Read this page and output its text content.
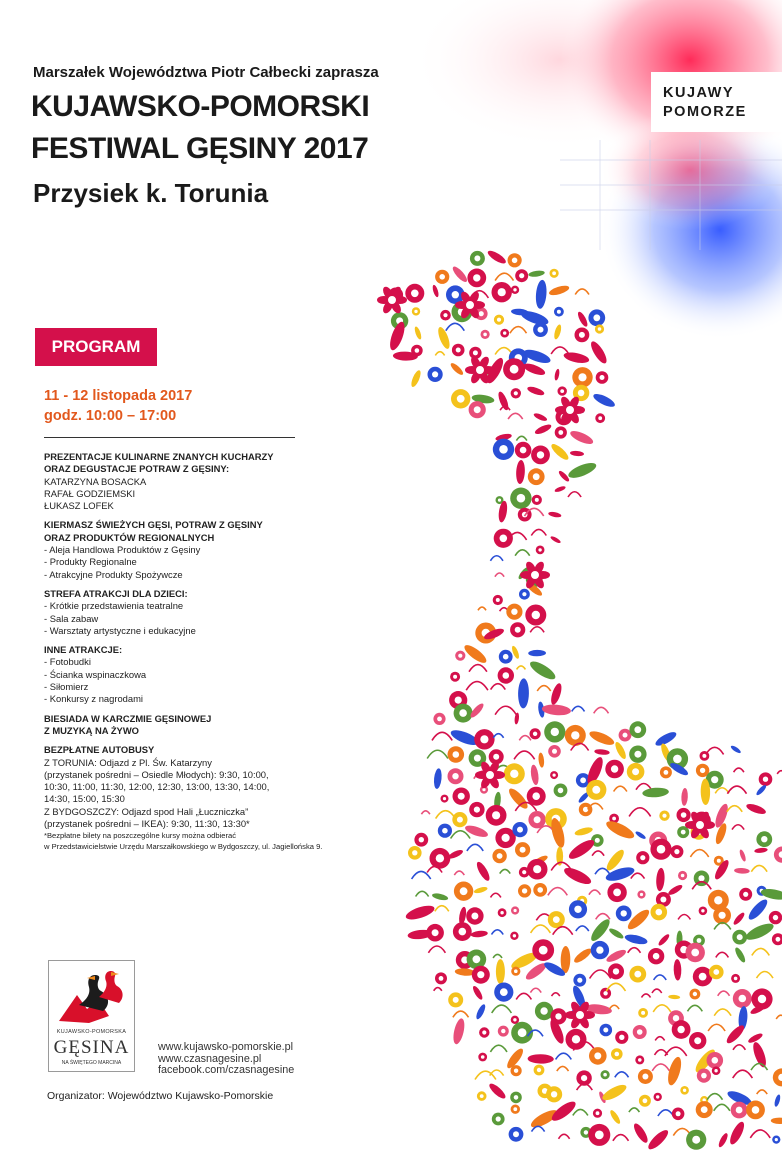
Marszałek Województwa Piotr Całbecki zaprasza
KUJAWSKO-POMORSKI
FESTIWAL GĘSINY 2017
Przysiek k. Torunia
KUJAWY
POMORZE
PROGRAM
11 - 12 listopada 2017
godz. 10:00 – 17:00
PREZENTACJE KULINARNE ZNANYCH KUCHARZY
ORAZ DEGUSTACJE POTRAW Z GĘSINY:
KATARZYNA BOSACKA
RAFAŁ GODZIEMSKI
ŁUKASZ LOFEK
KIERMASZ ŚWIEŻYCH GĘSI, POTRAW Z GĘSINY
ORAZ PRODUKTÓW REGIONALNYCH
- Aleja Handlowa Produktów z Gęsiny
- Produkty Regionalne
- Atrakcyjne Produkty Spożywcze
STREFA ATRAKCJI DLA DZIECI:
- Krótkie przedstawienia teatralne
- Sala zabaw
- Warsztaty artystyczne i edukacyjne
INNE ATRAKCJE:
- Fotobudki
- Ścianka wspinaczkowa
- Siłomierz
- Konkursy z nagrodami
BIESIADA W KARCZMIE GĘSINOWEJ
Z MUZYKĄ NA ŻYWO
BEZPŁATNE AUTOBUSY
Z TORUNIA: Odjazd z Pl. Św. Katarzyny
(przystanek pośredni – Osiedle Młodych): 9:30, 10:00,
10:30, 11:00, 11:30, 12:00, 12:30, 13:00, 13:30, 14:00,
14:30, 15:00, 15:30
Z BYDGOSZCZY: Odjazd spod Hali „Łuczniczka”
(przystanek pośredni – IKEA): 9:30, 11:30, 13:30*
*Bezpłatne bilety na poszczególne kursy można odbierać
w Przedstawicielstwie Urzędu Marszałkowskiego w Bydgoszczy, ul. Jagiellońska 9.
KUJAWSKO-POMORSKA
GĘSINA
NA ŚWIĘTEGO MARCINA
www.kujawsko-pomorskie.pl
www.czasnagesine.pl
facebook.com/czasnagesine
Organizator: Województwo Kujawsko-Pomorskie
